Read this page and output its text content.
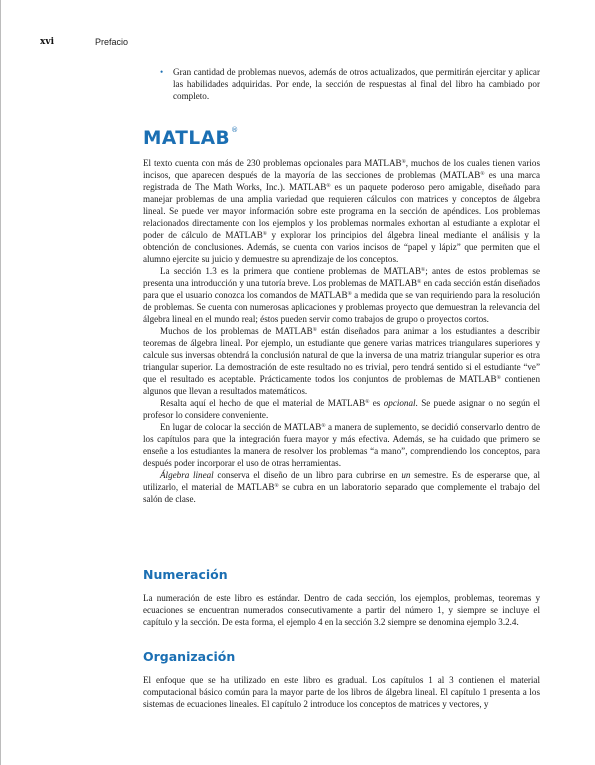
xvi	Prefacio
• Gran cantidad de problemas nuevos, además de otros actualizados, que permitirán ejercitar y aplicar las habilidades adquiridas. Por ende, la sección de respuestas al final del libro ha cambiado por completo.
MATLAB®

El texto cuenta con más de 230 problemas opcionales para MATLAB®, muchos de los cuales tienen varios incisos, que aparecen después de la mayoría de las secciones de problemas (MATLAB® es una marca registrada de The Math Works, Inc.). MATLAB® es un paquete poderoso pero amigable, diseñado para manejar problemas de una amplia variedad que requieren cálculos con matrices y conceptos de álgebra lineal. Se puede ver mayor información sobre este programa en la sección de apéndices. Los problemas relacionados directamente con los ejemplos y los problemas normales exhortan al estudiante a explotar el poder de cálculo de MATLAB® y explorar los principios del álgebra lineal mediante el análisis y la obtención de conclusiones. Además, se cuenta con varios incisos de “papel y lápiz” que permiten que el alumno ejercite su juicio y demuestre su aprendizaje de los conceptos.

La sección 1.3 es la primera que contiene problemas de MATLAB®; antes de estos problemas se presenta una introducción y una tutoría breve. Los problemas de MATLAB® en cada sección están diseñados para que el usuario conozca los comandos de MATLAB® a medida que se van requiriendo para la resolución de problemas. Se cuenta con numerosas aplicaciones y problemas proyecto que demuestran la relevancia del álgebra lineal en el mundo real; éstos pueden servir como trabajos de grupo o proyectos cortos.

Muchos de los problemas de MATLAB® están diseñados para animar a los estudiantes a describir teoremas de álgebra lineal. Por ejemplo, un estudiante que genere varias matrices triangulares superiores y calcule sus inversas obtendrá la conclusión natural de que la inversa de una matriz triangular superior es otra triangular superior. La demostración de este resultado no es trivial, pero tendrá sentido si el estudiante “ve” que el resultado es aceptable. Prácticamente todos los conjuntos de problemas de MATLAB® contienen algunos que llevan a resultados matemáticos.

Resalta aquí el hecho de que el material de MATLAB® es opcional. Se puede asignar o no según el profesor lo considere conveniente.

En lugar de colocar la sección de MATLAB® a manera de suplemento, se decidió conservarlo dentro de los capítulos para que la integración fuera mayor y más efectiva. Además, se ha cuidado que primero se enseñe a los estudiantes la manera de resolver los problemas “a mano”, comprendiendo los conceptos, para después poder incorporar el uso de otras herramientas.

Álgebra lineal conserva el diseño de un libro para cubrirse en un semestre. Es de esperarse que, al utilizarlo, el material de MATLAB® se cubra en un laboratorio separado que complemente el trabajo del salón de clase.

Numeración

La numeración de este libro es estándar. Dentro de cada sección, los ejemplos, problemas, teoremas y ecuaciones se encuentran numerados consecutivamente a partir del número 1, y siempre se incluye el capítulo y la sección. De esta forma, el ejemplo 4 en la sección 3.2 siempre se denomina ejemplo 3.2.4.

Organización

El enfoque que se ha utilizado en este libro es gradual. Los capítulos 1 al 3 contienen el material computacional básico común para la mayor parte de los libros de álgebra lineal. El capítulo 1 presenta a los sistemas de ecuaciones lineales. El capítulo 2 introduce los conceptos de matrices y vectores, y
